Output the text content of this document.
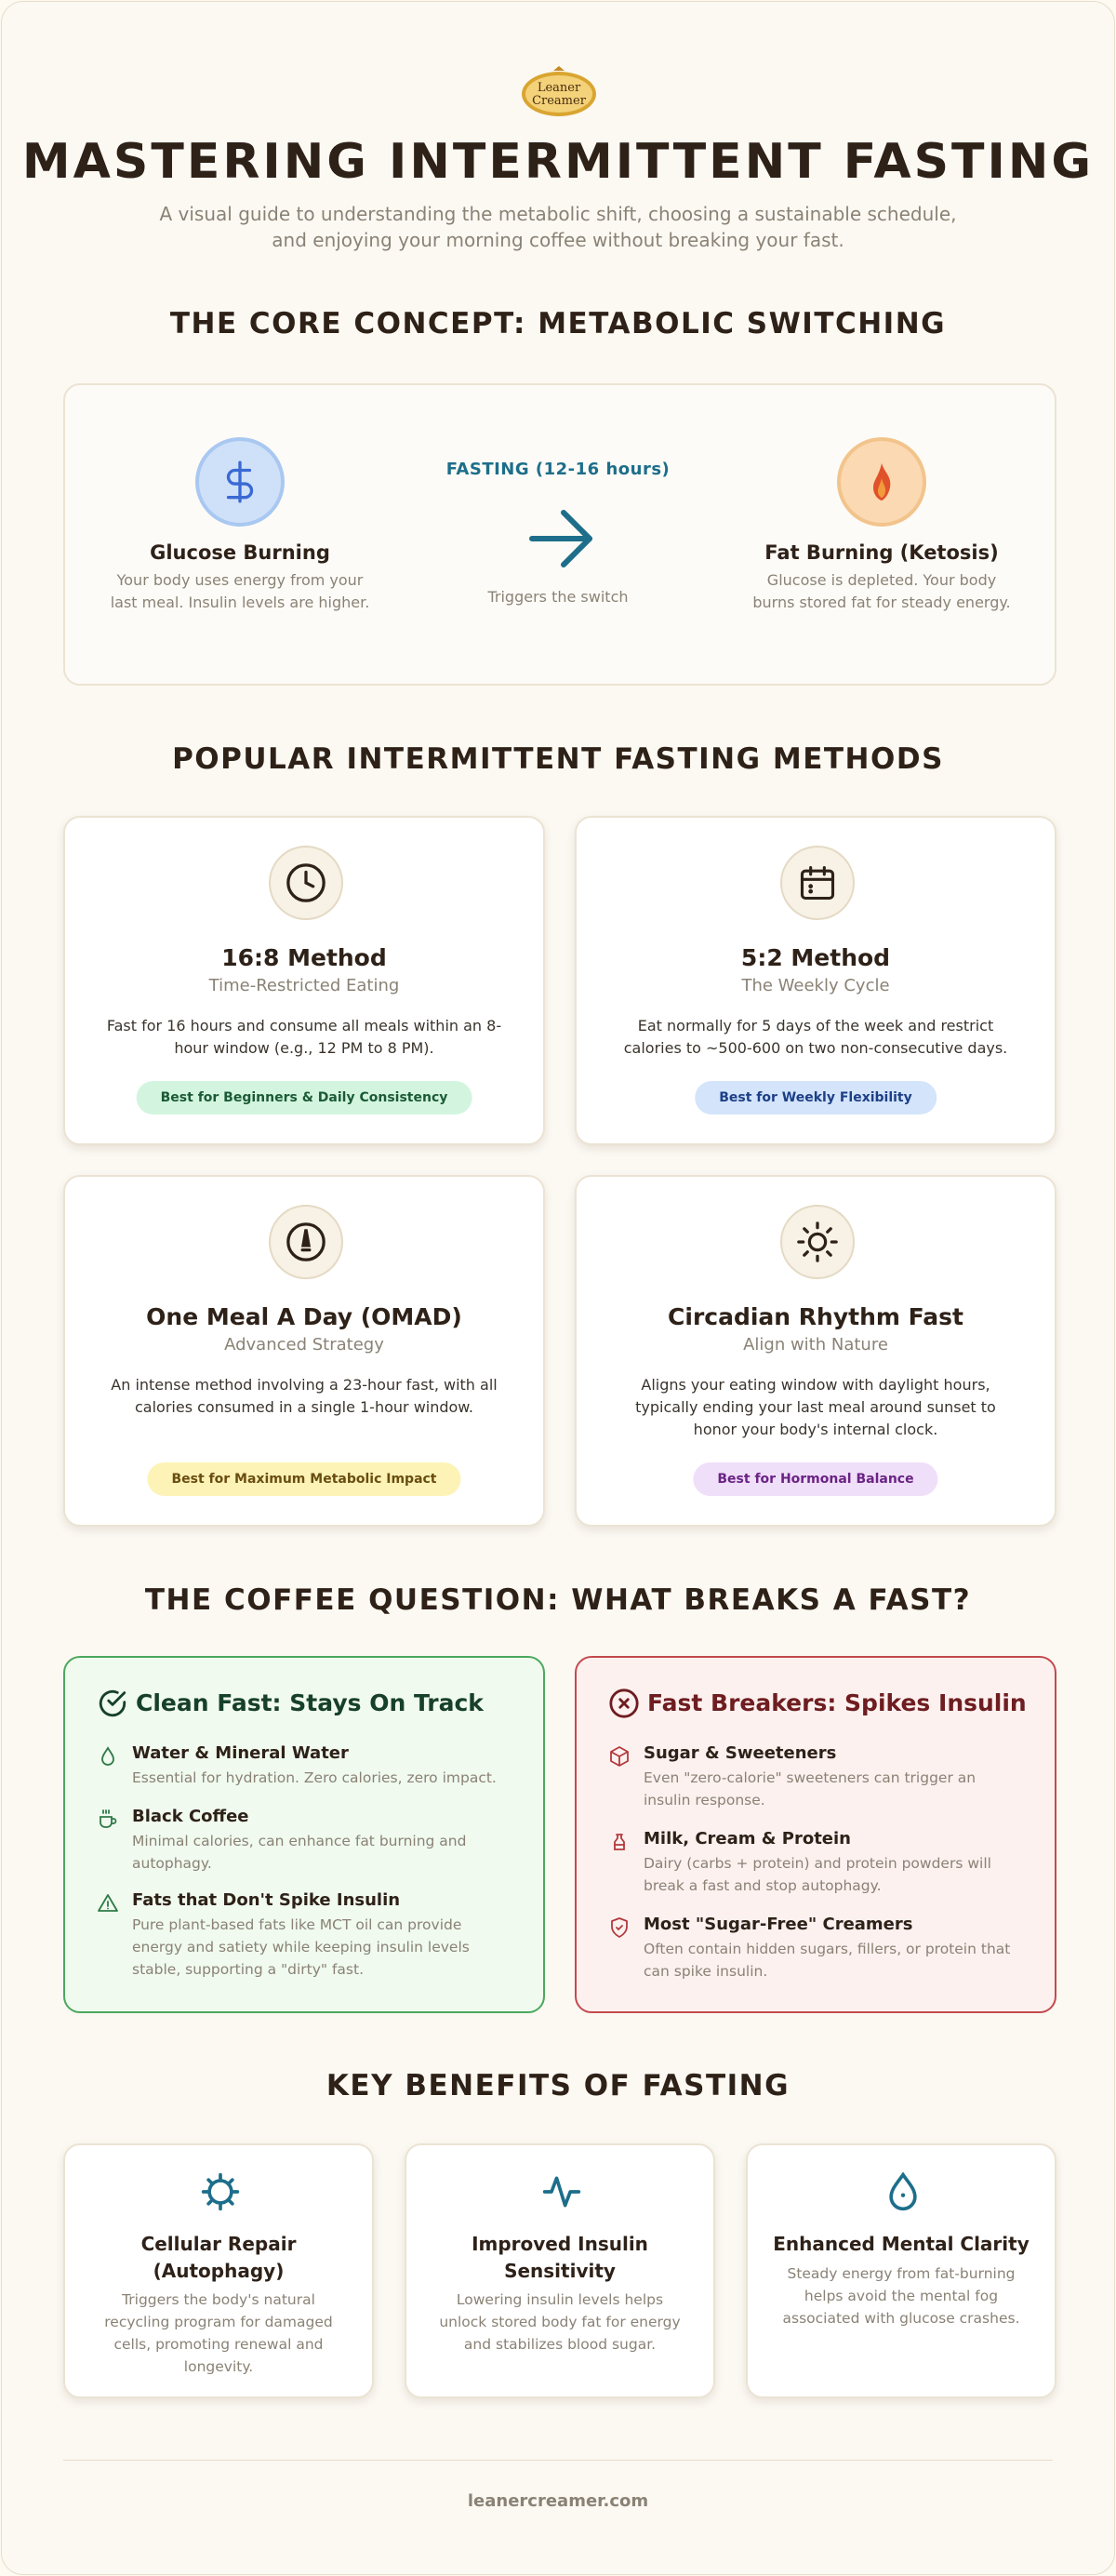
Leaner
Creamer
MASTERING INTERMITTENT FASTING

A visual guide to understanding the metabolic shift, choosing a sustainable schedule, and enjoying your morning coffee without breaking your fast.

THE CORE CONCEPT: METABOLIC SWITCHING
Glucose Burning

Your body uses energy from your last meal. Insulin levels are higher.

FASTING (12-16 hours)
Triggers the switch
Fat Burning (Ketosis)

Glucose is depleted. Your body burns stored fat for steady energy.

POPULAR INTERMITTENT FASTING METHODS
16:8 Method
Time-Restricted Eating

Fast for 16 hours and consume all meals within an 8-hour window (e.g., 12 PM to 8 PM).

Best for Beginners & Daily Consistency
5:2 Method
The Weekly Cycle

Eat normally for 5 days of the week and restrict calories to ~500-600 on two non-consecutive days.

Best for Weekly Flexibility
One Meal A Day (OMAD)
Advanced Strategy

An intense method involving a 23-hour fast, with all calories consumed in a single 1-hour window.

Best for Maximum Metabolic Impact
Circadian Rhythm Fast
Align with Nature

Aligns your eating window with daylight hours, typically ending your last meal around sunset to honor your body's internal clock.

Best for Hormonal Balance
THE COFFEE QUESTION: WHAT BREAKS A FAST?
Clean Fast: Stays On Track
Water & Mineral Water

Essential for hydration. Zero calories, zero impact.

Black Coffee

Minimal calories, can enhance fat burning and autophagy.

Fats that Don't Spike Insulin

Pure plant-based fats like MCT oil can provide energy and satiety while keeping insulin levels stable, supporting a "dirty" fast.

Fast Breakers: Spikes Insulin
Sugar & Sweeteners

Even "zero-calorie" sweeteners can trigger an insulin response.

Milk, Cream & Protein

Dairy (carbs + protein) and protein powders will break a fast and stop autophagy.

Most "Sugar-Free" Creamers

Often contain hidden sugars, fillers, or protein that can spike insulin.

KEY BENEFITS OF FASTING
Cellular Repair (Autophagy)

Triggers the body's natural recycling program for damaged cells, promoting renewal and longevity.

Improved Insulin Sensitivity

Lowering insulin levels helps unlock stored body fat for energy and stabilizes blood sugar.

Enhanced Mental Clarity

Steady energy from fat-burning helps avoid the mental fog associated with glucose crashes.

leanercreamer.com
